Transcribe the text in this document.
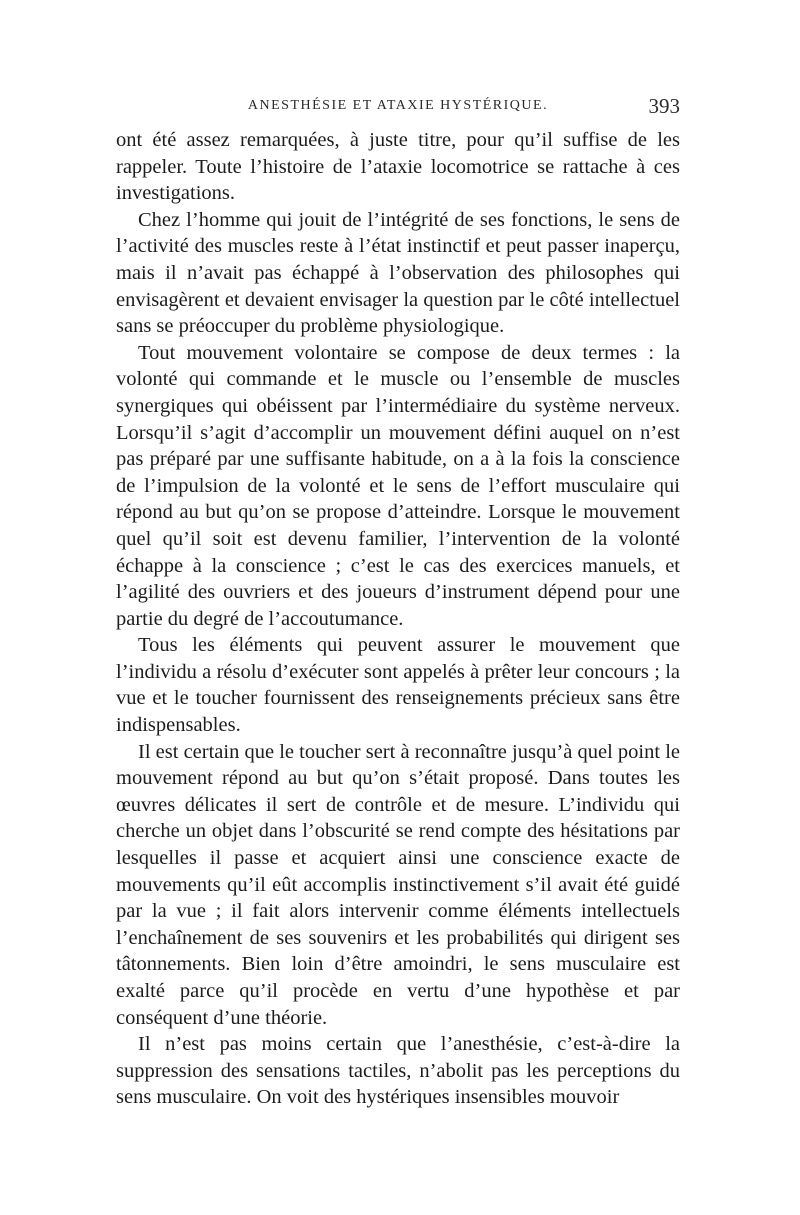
ANESTHÉSIE ET ATAXIE HYSTÉRIQUE.	393

ont été assez remarquées, à juste titre, pour qu’il suffise de les rappeler. Toute l’histoire de l’ataxie locomotrice se rattache à ces investigations.

Chez l’homme qui jouit de l’intégrité de ses fonctions, le sens de l’activité des muscles reste à l’état instinctif et peut passer inaperçu, mais il n’avait pas échappé à l’observation des philosophes qui envisagèrent et devaient envisager la question par le côté intellectuel sans se préoccuper du problème physiologique.

Tout mouvement volontaire se compose de deux termes : la volonté qui commande et le muscle ou l’ensemble de muscles synergiques qui obéissent par l’intermédiaire du système nerveux. Lorsqu’il s’agit d’accomplir un mouvement défini auquel on n’est pas préparé par une suffisante habitude, on a à la fois la conscience de l’impulsion de la volonté et le sens de l’effort musculaire qui répond au but qu’on se propose d’atteindre. Lorsque le mouvement quel qu’il soit est devenu familier, l’intervention de la volonté échappe à la conscience ; c’est le cas des exercices manuels, et l’agilité des ouvriers et des joueurs d’instrument dépend pour une partie du degré de l’accoutumance.

Tous les éléments qui peuvent assurer le mouvement que l’individu a résolu d’exécuter sont appelés à prêter leur concours ; la vue et le toucher fournissent des renseignements précieux sans être indispensables.

Il est certain que le toucher sert à reconnaître jusqu’à quel point le mouvement répond au but qu’on s’était proposé. Dans toutes les œuvres délicates il sert de contrôle et de mesure. L’individu qui cherche un objet dans l’obscurité se rend compte des hésitations par lesquelles il passe et acquiert ainsi une conscience exacte de mouvements qu’il eût accomplis instinctivement s’il avait été guidé par la vue ; il fait alors intervenir comme éléments intellectuels l’enchaînement de ses souvenirs et les probabilités qui dirigent ses tâtonnements. Bien loin d’être amoindri, le sens musculaire est exalté parce qu’il procède en vertu d’une hypothèse et par conséquent d’une théorie.

Il n’est pas moins certain que l’anesthésie, c’est-à-dire la suppression des sensations tactiles, n’abolit pas les perceptions du sens musculaire. On voit des hystériques insensibles mouvoir
